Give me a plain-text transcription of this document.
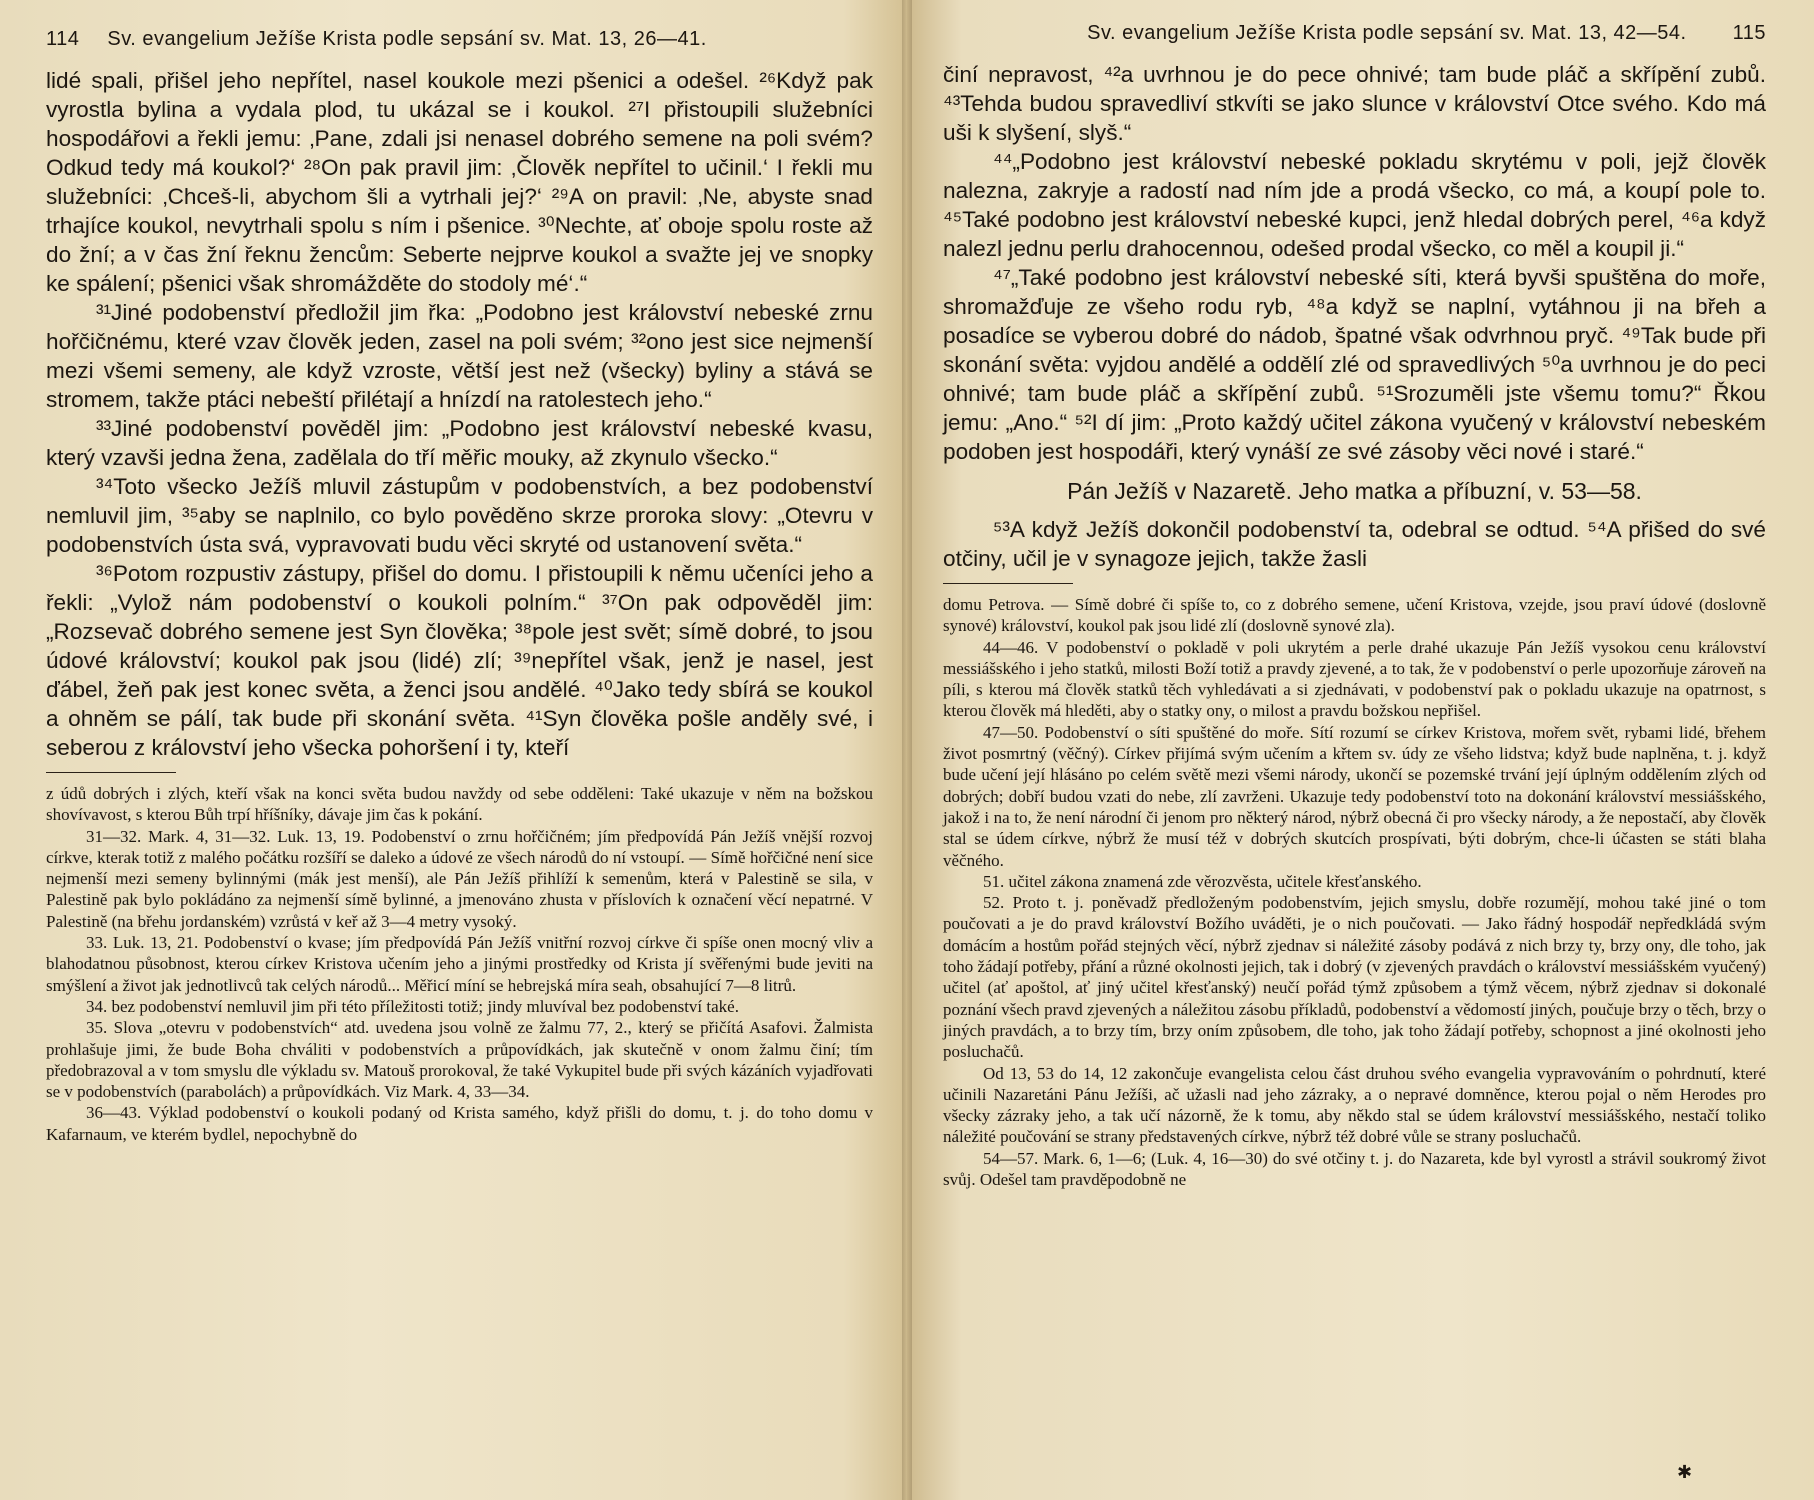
114 Sv. evangelium Ježíše Krista podle sepsání sv. Mat. 13, 26—41.

lidé spali, přišel jeho nepřítel, nasel koukole mezi pšenici a odešel. ²⁶Když pak vyrostla bylina a vydala plod, tu ukázal se i koukol. ²⁷I přistoupili služebníci hospodářovi a řekli jemu: ‚Pane, zdali jsi nenasel dobrého semene na poli svém? Odkud tedy má koukol?‘ ²⁸On pak pravil jim: ‚Člověk nepřítel to učinil.‘ I řekli mu služebníci: ‚Chceš-li, abychom šli a vytrhali jej?‘ ²⁹A on pravil: ‚Ne, abyste snad trhajíce koukol, nevytrhali spolu s ním i pšenice. ³⁰Nechte, ať oboje spolu roste až do žní; a v čas žní řeknu žencům: Seberte nejprve koukol a svažte jej ve snopky ke spálení; pšenici však shromážděte do stodoly mé‘.“

³¹Jiné podobenství předložil jim řka: „Podobno jest království nebeské zrnu hořčičnému, které vzav člověk jeden, zasel na poli svém; ³²ono jest sice nejmenší mezi všemi semeny, ale když vzroste, větší jest než (všecky) byliny a stává se stromem, takže ptáci nebeští přilétají a hnízdí na ratolestech jeho.“

³³Jiné podobenství pověděl jim: „Podobno jest království nebeské kvasu, který vzavši jedna žena, zadělala do tří měřic mouky, až zkynulo všecko.“

³⁴Toto všecko Ježíš mluvil zástupům v podobenstvích, a bez podobenství nemluvil jim, ³⁵aby se naplnilo, co bylo pověděno skrze proroka slovy: „Otevru v podobenstvích ústa svá, vypravovati budu věci skryté od ustanovení světa.“

³⁶Potom rozpustiv zástupy, přišel do domu. I přistoupili k němu učeníci jeho a řekli: „Vylož nám podobenství o koukoli polním.“ ³⁷On pak odpověděl jim: „Rozsevač dobrého semene jest Syn člověka; ³⁸pole jest svět; símě dobré, to jsou údové království; koukol pak jsou (lidé) zlí; ³⁹nepřítel však, jenž je nasel, jest ďábel, žeň pak jest konec světa, a ženci jsou andělé. ⁴⁰Jako tedy sbírá se koukol a ohněm se pálí, tak bude při skonání světa. ⁴¹Syn člověka pošle anděly své, i seberou z království jeho všecka pohoršení i ty, kteří

z údů dobrých i zlých, kteří však na konci světa budou navždy od sebe odděleni: Také ukazuje v něm na božskou shovívavost, s kterou Bůh trpí hříšníky, dávaje jim čas k pokání.

31—32. Mark. 4, 31—32. Luk. 13, 19. Podobenství o zrnu hořčičném; jím předpovídá Pán Ježíš vnější rozvoj církve, kterak totiž z malého počátku rozšíří se daleko a údové ze všech národů do ní vstoupí. — Símě hořčičné není sice nejmenší mezi semeny bylinnými (mák jest menší), ale Pán Ježíš přihlíží k semenům, která v Palestině se sila, v Palestině pak bylo pokládáno za nejmenší símě bylinné, a jmenováno zhusta v příslovích k označení věcí nepatrné. V Palestině (na břehu jordanském) vzrůstá v keř až 3—4 metry vysoký.

33. Luk. 13, 21. Podobenství o kvase; jím předpovídá Pán Ježíš vnitřní rozvoj církve či spíše onen mocný vliv a blahodatnou působnost, kterou církev Kristova učením jeho a jinými prostředky od Krista jí svěřenými bude jeviti na smýšlení a život jak jednotlivců tak celých národů... Měřicí míní se hebrejská míra seah, obsahující 7—8 litrů.

34. bez podobenství nemluvil jim při této příležitosti totiž; jindy mluvíval bez podobenství také.

35. Slova „otevru v podobenstvích“ atd. uvedena jsou volně ze žalmu 77, 2., který se přičítá Asafovi. Žalmista prohlašuje jimi, že bude Boha chváliti v podobenstvích a průpovídkách, jak skutečně v onom žalmu činí; tím předobrazoval a v tom smyslu dle výkladu sv. Matouš prorokoval, že také Vykupitel bude při svých kázáních vyjadřovati se v podobenstvích (parabolách) a průpovídkách. Viz Mark. 4, 33—34.

36—43. Výklad podobenství o koukoli podaný od Krista samého, když přišli do domu, t. j. do toho domu v Kafarnaum, ve kterém bydlel, nepochybně do

Sv. evangelium Ježíše Krista podle sepsání sv. Mat. 13, 42—54. 115

činí nepravost, ⁴²a uvrhnou je do pece ohnivé; tam bude pláč a skřípění zubů. ⁴³Tehda budou spravedliví stkvíti se jako slunce v království Otce svého. Kdo má uši k slyšení, slyš.“

⁴⁴„Podobno jest království nebeské pokladu skrytému v poli, jejž člověk nalezna, zakryje a radostí nad ním jde a prodá všecko, co má, a koupí pole to. ⁴⁵Také podobno jest království nebeské kupci, jenž hledal dobrých perel, ⁴⁶a když nalezl jednu perlu drahocennou, odešed prodal všecko, co měl a koupil ji.“

⁴⁷„Také podobno jest království nebeské síti, která byvši spuštěna do moře, shromažďuje ze všeho rodu ryb, ⁴⁸a když se naplní, vytáhnou ji na břeh a posadíce se vyberou dobré do nádob, špatné však odvrhnou pryč. ⁴⁹Tak bude při skonání světa: vyjdou andělé a oddělí zlé od spravedlivých ⁵⁰a uvrhnou je do peci ohnivé; tam bude pláč a skřípění zubů. ⁵¹Srozuměli jste všemu tomu?“ Řkou jemu: „Ano.“ ⁵²I dí jim: „Proto každý učitel zákona vyučený v království nebeském podoben jest hospodáři, který vynáší ze své zásoby věci nové i staré.“

Pán Ježíš v Nazaretě. Jeho matka a příbuzní, v. 53—58.

⁵³A když Ježíš dokončil podobenství ta, odebral se odtud. ⁵⁴A přišed do své otčiny, učil je v synagoze jejich, takže žasli

domu Petrova. — Símě dobré či spíše to, co z dobrého semene, učení Kristova, vzejde, jsou praví údové (doslovně synové) království, koukol pak jsou lidé zlí (doslovně synové zla).

44—46. V podobenství o pokladě v poli ukrytém a perle drahé ukazuje Pán Ježíš vysokou cenu království messiášského i jeho statků, milosti Boží totiž a pravdy zjevené, a to tak, že v podobenství o perle upozorňuje zároveň na píli, s kterou má člověk statků těch vyhledávati a si zjednávati, v podobenství pak o pokladu ukazuje na opatrnost, s kterou člověk má hleděti, aby o statky ony, o milost a pravdu božskou nepřišel.

47—50. Podobenství o síti spuštěné do moře. Sítí rozumí se církev Kristova, mořem svět, rybami lidé, břehem život posmrtný (věčný). Církev přijímá svým učením a křtem sv. údy ze všeho lidstva; když bude naplněna, t. j. když bude učení její hlásáno po celém světě mezi všemi národy, ukončí se pozemské trvání její úplným oddělením zlých od dobrých; dobří budou vzati do nebe, zlí zavrženi. Ukazuje tedy podobenství toto na dokonání království messiášského, jakož i na to, že není národní či jenom pro některý národ, nýbrž obecná či pro všecky národy, a že nepostačí, aby člověk stal se údem církve, nýbrž že musí též v dobrých skutcích prospívati, býti dobrým, chce-li účasten se státi blaha věčného.

51. učitel zákona znamená zde věrozvěsta, učitele křesťanského.

52. Proto t. j. poněvadž předloženým podobenstvím, jejich smyslu, dobře rozumějí, mohou také jiné o tom poučovati a je do pravd království Božího uváděti, je o nich poučovati. — Jako řádný hospodář nepředkládá svým domácím a hostům pořád stejných věcí, nýbrž zjednav si náležité zásoby podává z nich brzy ty, brzy ony, dle toho, jak toho žádají potřeby, přání a různé okolnosti jejich, tak i dobrý (v zjevených pravdách o království messiášském vyučený) učitel (ať apoštol, ať jiný učitel křesťanský) neučí pořád týmž způsobem a týmž věcem, nýbrž zjednav si dokonalé poznání všech pravd zjevených a náležitou zásobu příkladů, podobenství a vědomostí jiných, poučuje brzy o těch, brzy o jiných pravdách, a to brzy tím, brzy oním způsobem, dle toho, jak toho žádají potřeby, schopnost a jiné okolnosti jeho posluchačů.

Od 13, 53 do 14, 12 zakončuje evangelista celou část druhou svého evangelia vypravováním o pohrdnutí, které učinili Nazaretáni Pánu Ježíši, ač užasli nad jeho zázraky, a o nepravé domněnce, kterou pojal o něm Herodes pro všecky zázraky jeho, a tak učí názorně, že k tomu, aby někdo stal se údem království messiášského, nestačí toliko náležité poučování se strany představených církve, nýbrž též dobré vůle se strany posluchačů.

54—57. Mark. 6, 1—6; (Luk. 4, 16—30) do své otčiny t. j. do Nazareta, kde byl vyrostl a strávil soukromý život svůj. Odešel tam pravděpodobně ne

✱
